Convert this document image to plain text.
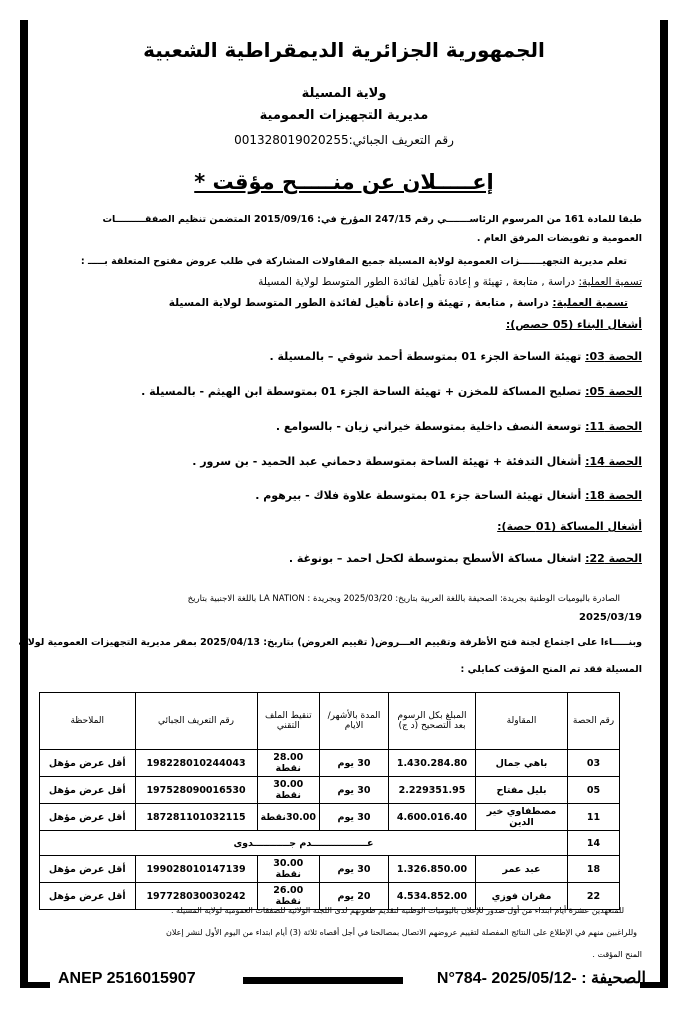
الجمهورية الجزائرية الديمقراطية الشعبية
ولاية المسيلة
مديرية التجهيزات العمومية
رقم التعريف الجبائي:001328019020255
إعـــــلان عن منـــــح مؤقت *
طبقا للمادة 161 من المرسوم الرئاســـــــي رقم 247/15 المؤرخ في: 2015/09/16 المتضمن تنظيم الصفقـــــــــات
العمومية و تفويضات المرفق العام .
تعلم مديرية التجهيـــــــزات العمومية لولاية المسيلة جميع المقاولات المشاركة في طلب عروض مفتوح المتعلقة بـــــ :
تسمية العملية: دراسة , متابعة , تهيئة و إعادة تأهيل لفائدة الطور المتوسط لولاية المسيلة
تسمية العملية: دراسة , متابعة , تهيئة و إعادة تأهيل لفائدة الطور المتوسط لولاية المسيلة
أشغال البناء (05 حصص):
الحصة 03: تهيئة الساحة الجزء 01 بمتوسطة أحمد شوقي – بالمسيلة .
الحصة 05: تصليح المساكة للمخزن + تهيئة الساحة الجزء 01 بمتوسطة ابن الهيثم - بالمسيلة .
الحصة 11: توسعة النصف داخلية بمتوسطة خيراني زيان - بالسوامع .
الحصة 14: أشغال التدفئة + تهيئة الساحة بمتوسطة دحماني عبد الحميد - بن سرور .
الحصة 18: أشغال تهيئة الساحة جزء 01 بمتوسطة علاوة فلاك - بيرهوم .
أشغال المساكة (01 حصة):
الحصة 22: اشغال مساكة الأسطح بمتوسطة لكحل احمد – بونوغة .
الصادرة باليوميات الوطنية بجريدة: الصحيفة باللغة العربية بتاريخ: 2025/03/20 وبجريدة : LA NATION باللغة الاجنبية بتاريخ
2025/03/19
وبنـــــاءا على اجتماع لجنة فتح الأظرفة وتقييم العـــروض( تقييم العروض) بتاريخ: 2025/04/13 بمقر مديرية التجهيزات العمومية لولاية
المسيلة فقد تم المنح المؤقت كمايلي :
رقم الحصة	المقاولة	المبلغ بكل الرسوم بعد التصحيح (د ج)	المدة بالأشهر/ الايام	تنقيط الملف التقني	رقم التعريف الجبائي	الملاحظة
03	باهي جمال	1.430.284.80	30 يوم	28.00 نقطة	198228010244043	أقل عرض مؤهل
05	بليل مفتاح	2.229351.95	30 يوم	30.00 نقطة	197528090016530	أقل عرض مؤهل
11	مصطفاوي خير الدين	4.600.016.40	30 يوم	30.00نقطة	187281101032115	أقل عرض مؤهل
14	عـــــــــــــــــدم جـــــــــــدوى					
18	عبد عمر	1.326.850.00	30 يوم	30.00 نقطة	199028010147139	أقل عرض مؤهل
22	مقران فوزي	4.534.852.00	20 يوم	26.00 نقطة	197728030030242	أقل عرض مؤهل
للمتعهدين عشرة أيام ابتداء من أول صدور للإعلان باليوميات الوطنية لتقديم طعونهم لدى اللجنة الولائية للصفقات العمومية لولاية المسيلة .
وللراغبين منهم في الإطلاع على النتائج المفصلة لتقييم عروضهم الاتصال بمصالحنا في أجل أقصاه ثلاثة (3) أيام ابتداء من اليوم الأول لنشر إعلان
المنح المؤقت .
ANEP 2516015907	الصحيفة : -N°784- 2025/05/12
